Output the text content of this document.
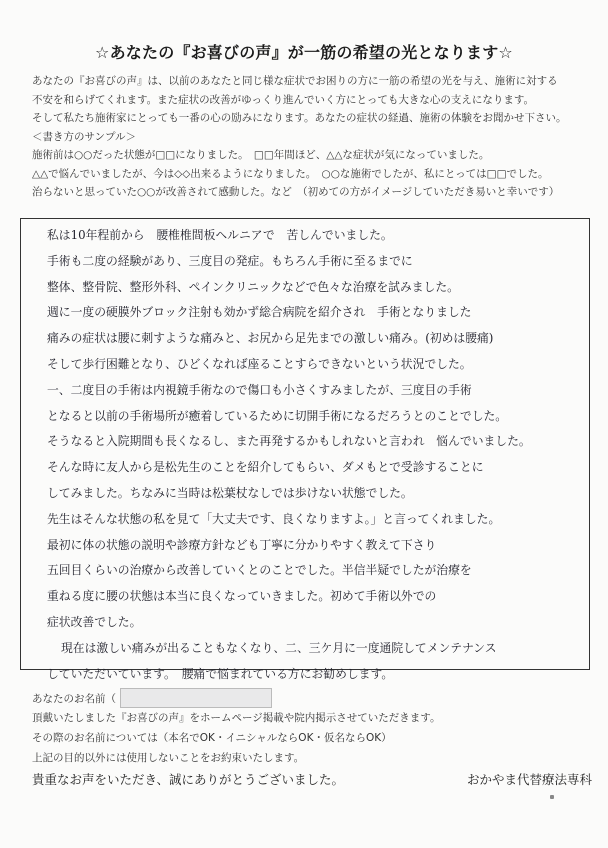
☆あなたの『お喜びの声』が一筋の希望の光となります☆

あなたの『お喜びの声』は、以前のあなたと同じ様な症状でお困りの方に一筋の希望の光を与え、施術に対する

不安を和らげてくれます。また症状の改善がゆっくり進んでいく方にとっても大きな心の支えになります。

そして私たち施術家にとっても一番の心の励みになります。あなたの症状の経過、施術の体験をお聞かせ下さい。

＜書き方のサンプル＞

施術前は○○だった状態が□□になりました。　□□年間ほど、△△な症状が気になっていました。

△△で悩んでいましたが、今は◇◇出来るようになりました。　○○な施術でしたが、私にとっては□□でした。

治らないと思っていた○○が改善されて感動した。など　（初めての方がイメージしていただき易いと幸いです）

私は10年程前から　腰椎椎間板ヘルニアで　苦しんでいました。

手術も二度の経験があり、三度目の発症。もちろん手術に至るまでに

整体、整骨院、整形外科、ペインクリニックなどで色々な治療を試みました。

週に一度の硬膜外ブロック注射も効かず総合病院を紹介され　手術となりました

痛みの症状は腰に刺すような痛みと、お尻から足先までの激しい痛み。(初めは腰痛)

そして歩行困難となり、ひどくなれば座ることすらできないという状況でした。

一、二度目の手術は内視鏡手術なので傷口も小さくすみましたが、三度目の手術

となると以前の手術場所が癒着しているために切開手術になるだろうとのことでした。

そうなると入院期間も長くなるし、また再発するかもしれないと言われ　悩んでいました。

そんな時に友人から是松先生のことを紹介してもらい、ダメもとで受診することに

してみました。ちなみに当時は松葉杖なしでは歩けない状態でした。

先生はそんな状態の私を見て「大丈夫です、良くなりますよ。」と言ってくれました。

最初に体の状態の説明や診療方針なども丁寧に分かりやすく教えて下さり

五回目くらいの治療から改善していくとのことでした。半信半疑でしたが治療を

重ねる度に腰の状態は本当に良くなっていきました。初めて手術以外での

症状改善でした。

現在は激しい痛みが出ることもなくなり、二、三ケ月に一度通院してメンテナンス

していただいています。　腰痛で悩まれている方にお勧めします。

あなたのお名前（

頂戴いたしました『お喜びの声』をホームページ掲載や院内掲示させていただきます。

その際のお名前については（本名でOK・イニシャルならOK・仮名ならOK）

上記の目的以外には使用しないことをお約束いたします。

貴重なお声をいただき、誠にありがとうございました。	おかやま代替療法専科
